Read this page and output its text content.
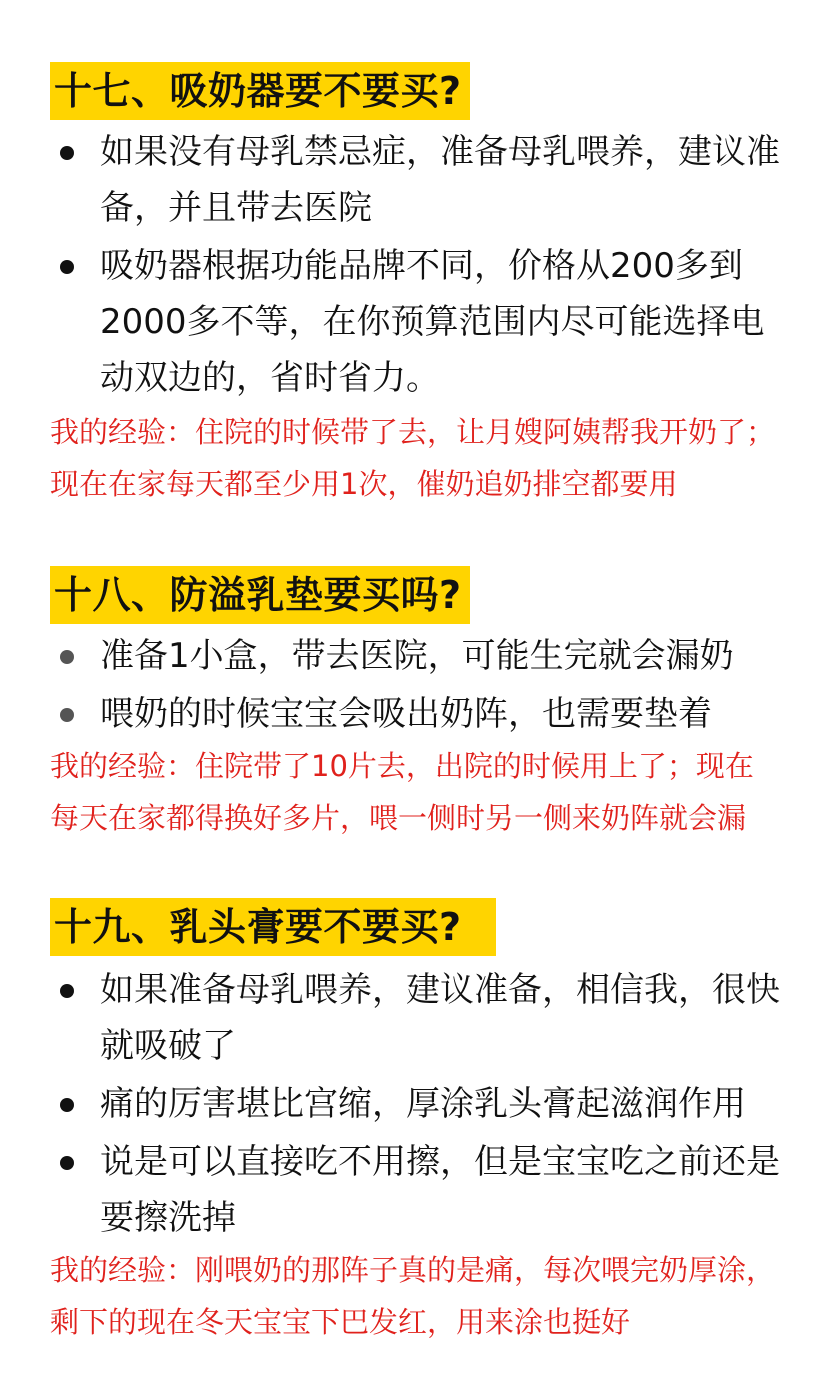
十七、吸奶器要不要买?
如果没有母乳禁忌症，准备母乳喂养，建议准备，并且带去医院
吸奶器根据功能品牌不同，价格从200多到2000多不等，在你预算范围内尽可能选择电动双边的，省时省力。
我的经验：住院的时候带了去，让月嫂阿姨帮我开奶了；现在在家每天都至少用1次，催奶追奶排空都要用
十八、防溢乳垫要买吗?
准备1小盒，带去医院，可能生完就会漏奶
喂奶的时候宝宝会吸出奶阵，也需要垫着
我的经验：住院带了10片去，出院的时候用上了；现在每天在家都得换好多片，喂一侧时另一侧来奶阵就会漏
十九、乳头膏要不要买?
如果准备母乳喂养，建议准备，相信我，很快就吸破了
痛的厉害堪比宫缩，厚涂乳头膏起滋润作用
说是可以直接吃不用擦，但是宝宝吃之前还是要擦洗掉
我的经验：刚喂奶的那阵子真的是痛，每次喂完奶厚涂，剩下的现在冬天宝宝下巴发红，用来涂也挺好
